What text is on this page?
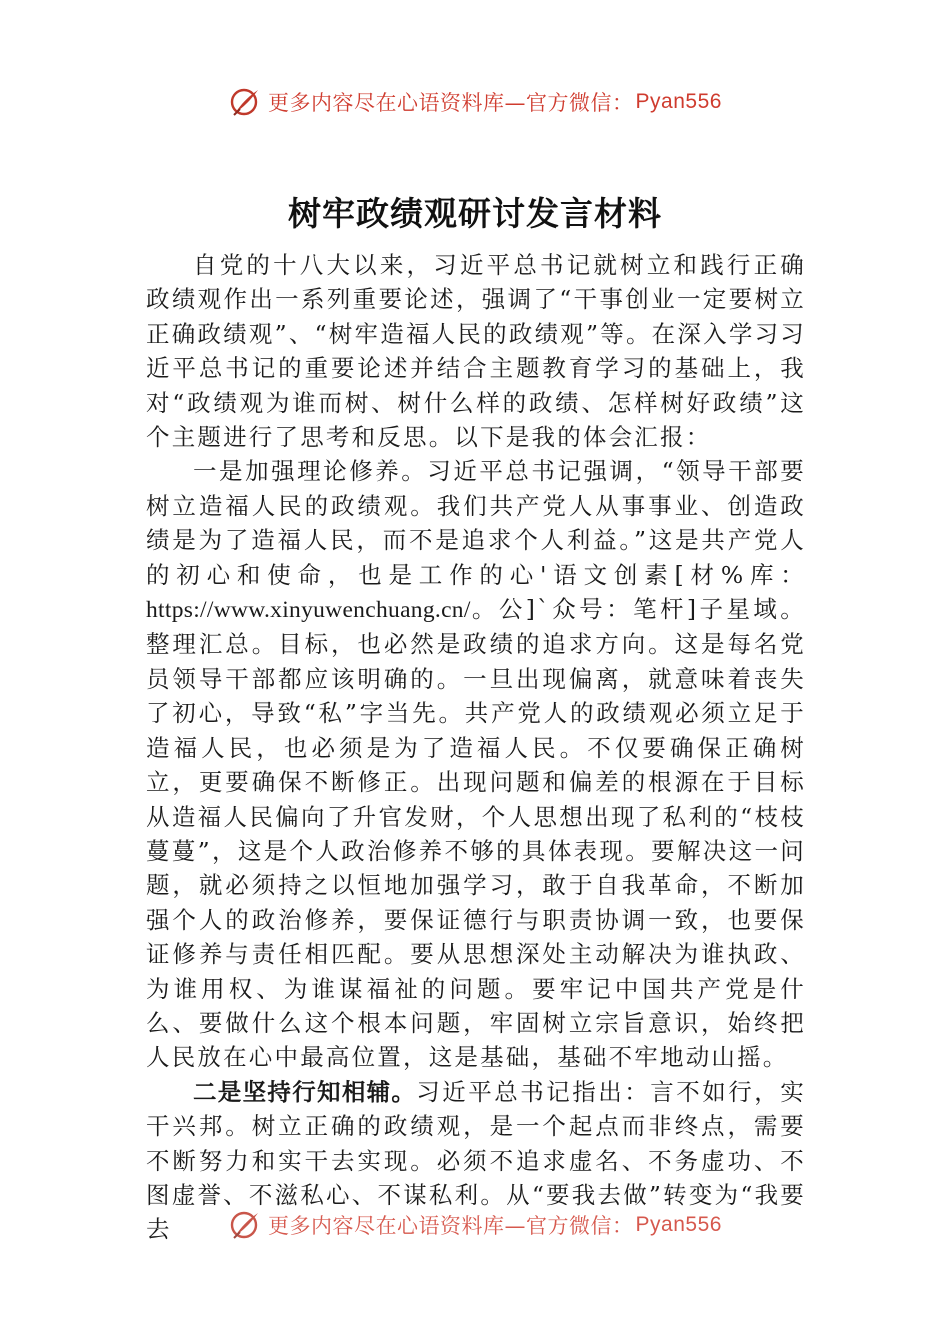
更多内容尽在心语资料库—官方微信： Pyan556
树牢政绩观研讨发言材料

自党的十八大以来，习近平总书记就树立和践行正确政绩观作出一系列重要论述，强调了“干事创业一定要树立正确政绩观”、“树牢造福人民的政绩观”等。在深入学习习近平总书记的重要论述并结合主题教育学习的基础上，我对“政绩观为谁而树、树什么样的政绩、怎样树好政绩”这个主题进行了思考和反思。以下是我的体会汇报：

一是加强理论修养。习近平总书记强调，“领导干部要树立造福人民的政绩观。我们共产党人从事事业、创造政绩是为了造福人民，而不是追求个人利益。”这是共产党人的初心和使命，也是工作的心'语文创素[材%库：https://www.xinyuwenchuang.cn/。公]`众号：笔杆]子星域。整理汇总。目标，也必然是政绩的追求方向。这是每名党员领导干部都应该明确的。一旦出现偏离，就意味着丧失了初心，导致“私”字当先。共产党人的政绩观必须立足于造福人民，也必须是为了造福人民。不仅要确保正确树立，更要确保不断修正。出现问题和偏差的根源在于目标从造福人民偏向了升官发财，个人思想出现了私利的“枝枝蔓蔓”，这是个人政治修养不够的具体表现。要解决这一问题，就必须持之以恒地加强学习，敢于自我革命，不断加强个人的政治修养，要保证德行与职责协调一致，也要保证修养与责任相匹配。要从思想深处主动解决为谁执政、为谁用权、为谁谋福祉的问题。要牢记中国共产党是什么、要做什么这个根本问题，牢固树立宗旨意识，始终把人民放在心中最高位置，这是基础，基础不牢地动山摇。

二是坚持行知相辅。习近平总书记指出：言不如行，实干兴邦。树立正确的政绩观，是一个起点而非终点，需要不断努力和实干去实现。必须不追求虚名、不务虚功、不图虚誉、不滋私心、不谋私利。从“要我去做”转变为“我要去	更多内容尽在心语资料库—官方微信： Pyan556
